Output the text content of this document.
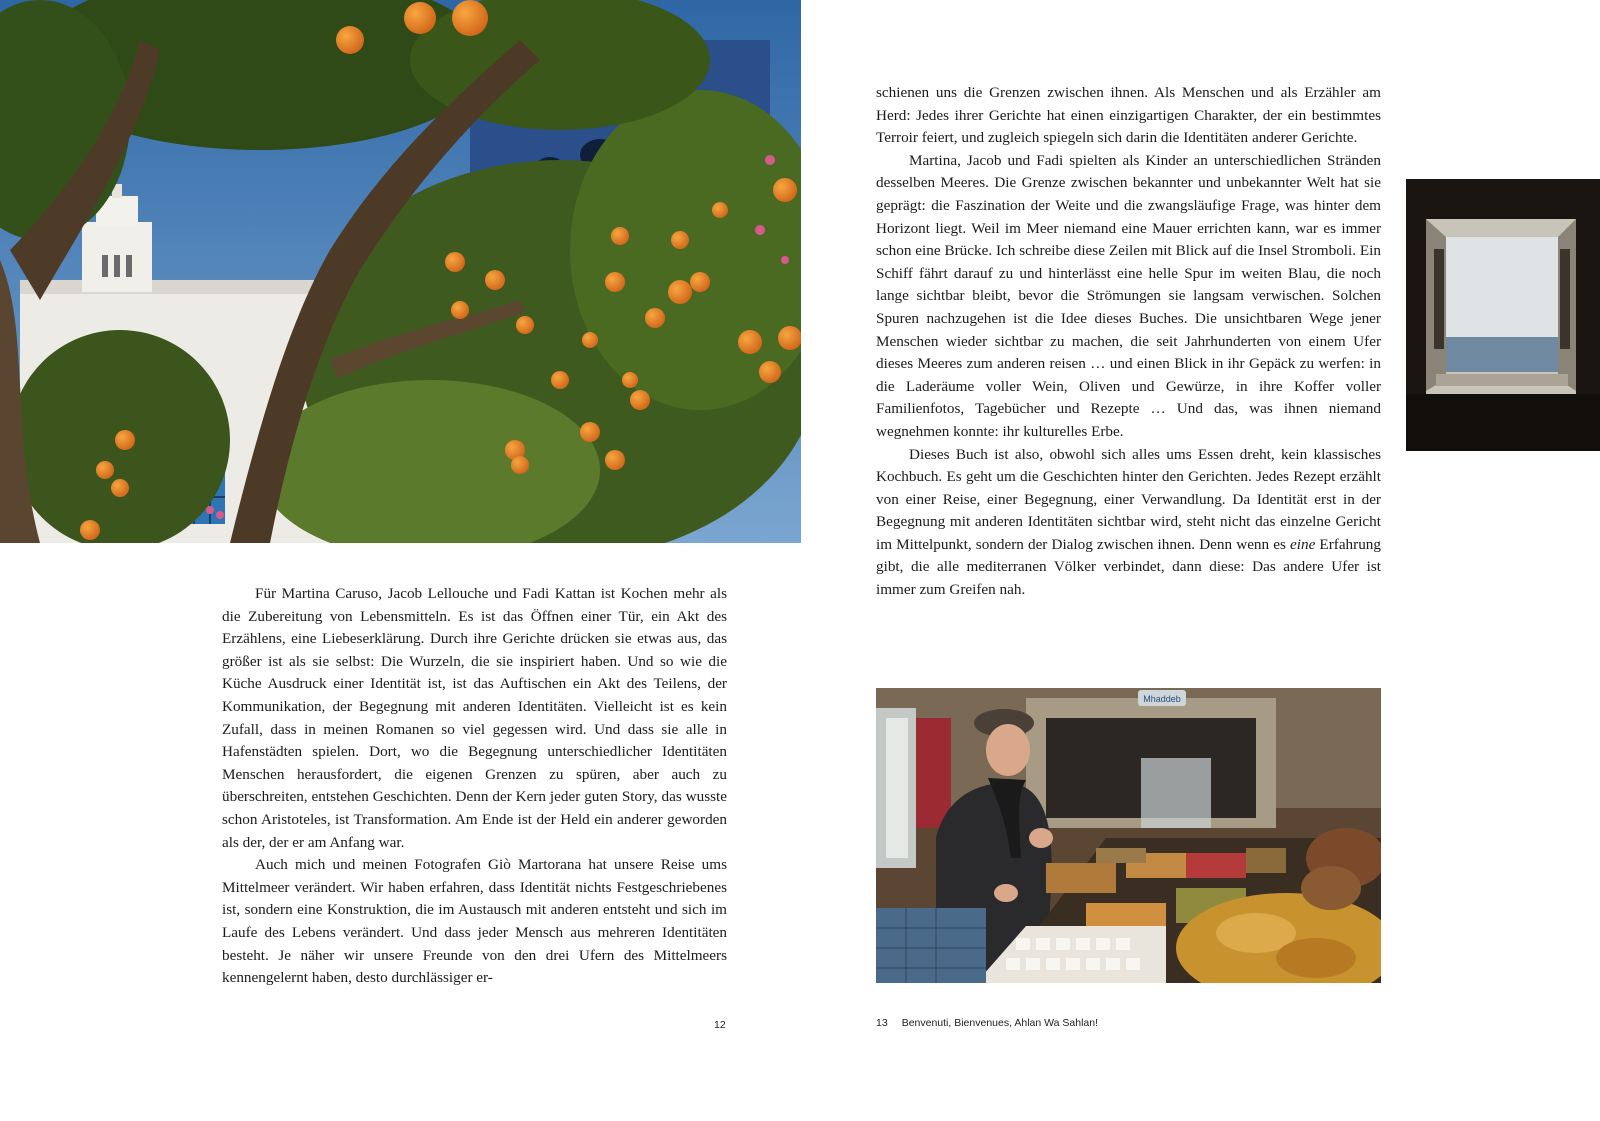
Mhaddeb

Für Martina Caruso, Jacob Lellouche und Fadi Kattan ist Kochen mehr als die Zubereitung von Lebensmitteln. Es ist das Öffnen einer Tür, ein Akt des Erzählens, eine Liebeserklärung. Durch ihre Gerichte drücken sie etwas aus, das größer ist als sie selbst: Die Wurzeln, die sie inspiriert haben. Und so wie die Küche Ausdruck einer Identität ist, ist das Auftischen ein Akt des Teilens, der Kommunikation, der Begegnung mit anderen Identitäten. Vielleicht ist es kein Zufall, dass in meinen Romanen so viel gegessen wird. Und dass sie alle in Hafenstädten spielen. Dort, wo die Begegnung unterschiedlicher Identitäten Menschen herausfordert, die eigenen Grenzen zu spüren, aber auch zu überschreiten, entstehen Geschichten. Denn der Kern jeder guten Story, das wusste schon Aristoteles, ist Transformation. Am Ende ist der Held ein anderer geworden als der, der er am Anfang war.

Auch mich und meinen Fotografen Giò Martorana hat unsere Reise ums Mittelmeer verändert. Wir haben erfahren, dass Identität nichts Festgeschriebenes ist, sondern eine Konstruktion, die im Austausch mit anderen entsteht und sich im Laufe des Lebens verändert. Und dass jeder Mensch aus mehreren Identitäten besteht. Je näher wir unsere Freunde von den drei Ufern des Mittelmeers kennengelernt haben, desto durchlässiger er-

schienen uns die Grenzen zwischen ihnen. Als Menschen und als Erzähler am Herd: Jedes ihrer Gerichte hat einen einzigartigen Charakter, der ein bestimmtes Terroir feiert, und zugleich spiegeln sich darin die Identitäten anderer Gerichte.

Martina, Jacob und Fadi spielten als Kinder an unterschiedlichen Stränden desselben Meeres. Die Grenze zwischen bekannter und unbekannter Welt hat sie geprägt: die Faszination der Weite und die zwangsläufige Frage, was hinter dem Horizont liegt. Weil im Meer niemand eine Mauer errichten kann, war es immer schon eine Brücke. Ich schreibe diese Zeilen mit Blick auf die Insel Stromboli. Ein Schiff fährt darauf zu und hinterlässt eine helle Spur im weiten Blau, die noch lange sichtbar bleibt, bevor die Strömungen sie langsam verwischen. Solchen Spuren nachzugehen ist die Idee dieses Buches. Die unsichtbaren Wege jener Menschen wieder sichtbar zu machen, die seit Jahrhunderten von einem Ufer dieses Meeres zum anderen reisen … und einen Blick in ihr Gepäck zu werfen: in die Laderäume voller Wein, Oliven und Gewürze, in ihre Koffer voller Familienfotos, Tagebücher und Rezepte … Und das, was ihnen niemand wegnehmen konnte: ihr kulturelles Erbe.

Dieses Buch ist also, obwohl sich alles ums Essen dreht, kein klassisches Kochbuch. Es geht um die Geschichten hinter den Gerichten. Jedes Rezept erzählt von einer Reise, einer Begegnung, einer Verwandlung. Da Identität erst in der Begegnung mit anderen Identitäten sichtbar wird, steht nicht das einzelne Gericht im Mittelpunkt, sondern der Dialog zwischen ihnen. Denn wenn es eine Erfahrung gibt, die alle mediterranen Völker verbindet, dann diese: Das andere Ufer ist immer zum Greifen nah.

12	13 Benvenuti, Bienvenues, Ahlan Wa Sahlan!
